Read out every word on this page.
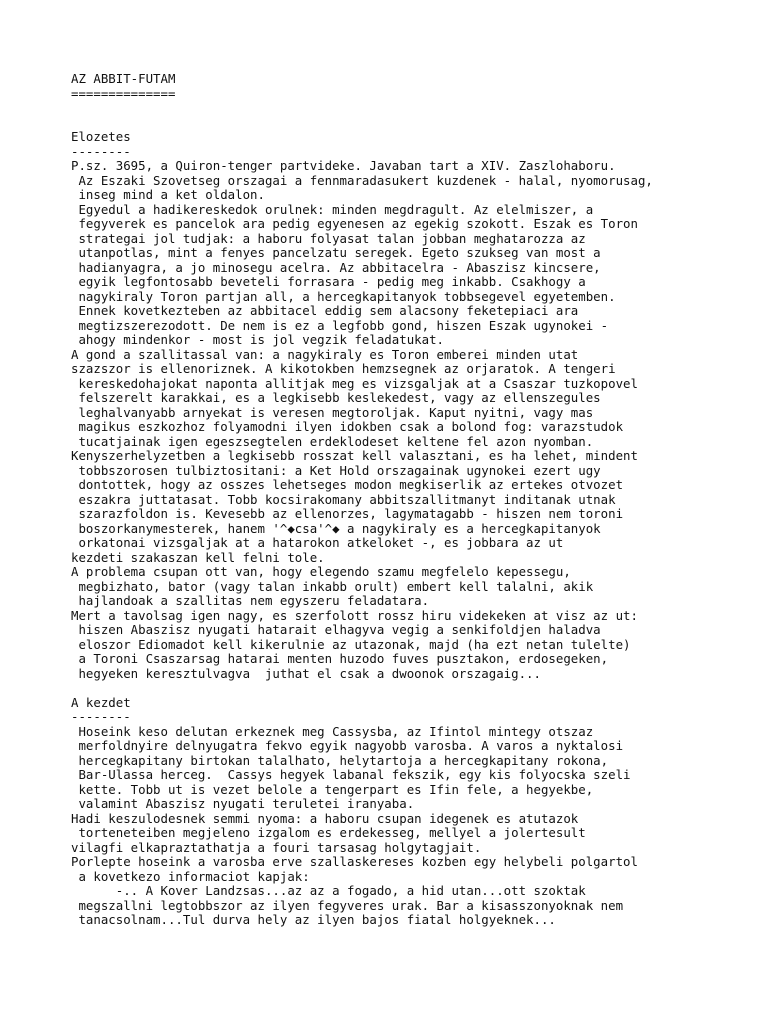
AZ ABBIT-FUTAM
==============
Elozetes
--------
P.sz. 3695, a Quiron-tenger partvideke. Javaban tart a XIV. Zaszlohaboru.
Az Eszaki Szovetseg orszagai a fennmaradasukert kuzdenek - halal, nyomorusag,
inseg mind a ket oldalon.
Egyedul a hadikereskedok orulnek: minden megdragult. Az elelmiszer, a
fegyverek es pancelok ara pedig egyenesen az egekig szokott. Eszak es Toron
strategai jol tudjak: a haboru folyasat talan jobban meghatarozza az
utanpotlas, mint a fenyes pancelzatu seregek. Egeto szukseg van most a
hadianyagra, a jo minosegu acelra. Az abbitacelra - Abaszisz kincsere,
egyik legfontosabb beveteli forrasara - pedig meg inkabb. Csakhogy a
nagykiraly Toron partjan all, a hercegkapitanyok tobbsegevel egyetemben.
Ennek kovetkezteben az abbitacel eddig sem alacsony feketepiaci ara
megtizszerezodott. De nem is ez a legfobb gond, hiszen Eszak ugynokei -
ahogy mindenkor - most is jol vegzik feladatukat.
A gond a szallitassal van: a nagykiraly es Toron emberei minden utat
szazszor is ellenoriznek. A kikotokben hemzsegnek az orjaratok. A tengeri
kereskedohajokat naponta allitjak meg es vizsgaljak at a Csaszar tuzkopovel
felszerelt karakkai, es a legkisebb keslekedest, vagy az ellenszegules
leghalvanyabb arnyekat is veresen megtoroljak. Kaput nyitni, vagy mas
magikus eszkozhoz folyamodni ilyen idokben csak a bolond fog: varazstudok
tucatjainak igen egeszsegtelen erdeklodeset keltene fel azon nyomban.
Kenyszerhelyzetben a legkisebb rosszat kell valasztani, es ha lehet, mindent
tobbszorosen tulbiztositani: a Ket Hold orszagainak ugynokei ezert ugy
dontottek, hogy az osszes lehetseges modon megkiserlik az ertekes otvozet
eszakra juttatasat. Tobb kocsirakomany abbitszallitmanyt inditanak utnak
szarazfoldon is. Kevesebb az ellenorzes, lagymatagabb - hiszen nem toroni
boszorkanymesterek, hanem '^◆csa'^◆ a nagykiraly es a hercegkapitanyok
orkatonai vizsgaljak at a hatarokon atkeloket -, es jobbara az ut
kezdeti szakaszan kell felni tole.
A problema csupan ott van, hogy elegendo szamu megfelelo kepessegu,
megbizhato, bator (vagy talan inkabb orult) embert kell talalni, akik
hajlandoak a szallitas nem egyszeru feladatara.
Mert a tavolsag igen nagy, es szerfolott rossz hiru videkeken at visz az ut:
hiszen Abaszisz nyugati hatarait elhagyva vegig a senkifoldjen haladva
eloszor Ediomadot kell kikerulnie az utazonak, majd (ha ezt netan tulelte)
a Toroni Csaszarsag hatarai menten huzodo fuves pusztakon, erdosegeken,
hegyeken keresztulvagva  juthat el csak a dwoonok orszagaig...
A kezdet
--------
Hoseink keso delutan erkeznek meg Cassysba, az Ifintol mintegy otszaz
merfoldnyire delnyugatra fekvo egyik nagyobb varosba. A varos a nyktalosi
hercegkapitany birtokan talalhato, helytartoja a hercegkapitany rokona,
Bar-Ulassa herceg.  Cassys hegyek labanal fekszik, egy kis folyocska szeli
kette. Tobb ut is vezet belole a tengerpart es Ifin fele, a hegyekbe,
valamint Abaszisz nyugati teruletei iranyaba.
Hadi keszulodesnek semmi nyoma: a haboru csupan idegenek es atutazok
torteneteiben megjeleno izgalom es erdekesseg, mellyel a jolertesult
vilagfi elkapraztathatja a fouri tarsasag holgytagjait.
Porlepte hoseink a varosba erve szallaskereses kozben egy helybeli polgartol
a kovetkezo informaciot kapjak:
-.. A Kover Landzsas...az az a fogado, a hid utan...ott szoktak
megszallni legtobbszor az ilyen fegyveres urak. Bar a kisasszonyoknak nem
tanacsolnam...Tul durva hely az ilyen bajos fiatal holgyeknek...
